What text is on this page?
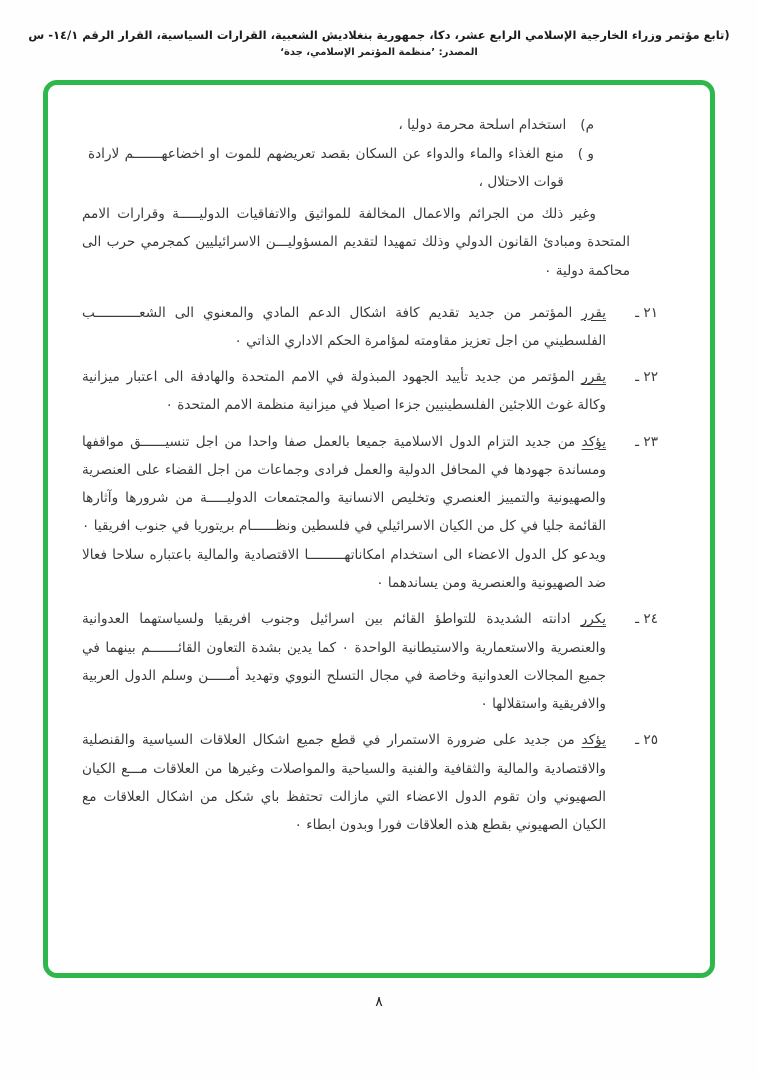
(تابع مؤتمر وزراء الخارجية الإسلامي الرابع عشر، دكا، جمهورية بنغلاديش الشعبية، القرارات السياسية، القرار الرقم ١٤/١- س
المصدر: ’منظمة المؤتمر الإسلامي، جدة‘
م)
استخدام اسلحة محرمة دوليا ،
و )
منع الغذاء والماء والدواء عن السكان بقصد تعريضهم للموت او اخضاعهـــــــم لارادة قوات الاحتلال ،

وغير ذلك من الجرائم والاعمال المخالفة للمواثيق والاتفاقيات الدوليـــــة وقرارات الامم المتحدة ومبادئ القانون الدولي وذلك تمهيدا لتقديم المسؤوليـــن الاسرائيليين كمجرمي حرب الى محاكمة دولية ٠

٢١ ـ
يقرر المؤتمر من جديد تقديم كافة اشكال الدعم المادي والمعنوي الى الشعـــــــــــب الفلسطيني من اجل تعزيز مقاومته لمؤامرة الحكم الاداري الذاتي ٠
٢٢ ـ
يقرر المؤتمر من جديد تأييد الجهود المبذولة في الامم المتحدة والهادفة الى اعتبار ميزانية وكالة غوث اللاجئين الفلسطينيين جزءا اصيلا في ميزانية منظمة الامم المتحدة ٠
٢٣ ـ
يؤكد من جديد التزام الدول الاسلامية جميعا بالعمل صفا واحدا من اجل تنسيــــــق مواقفها ومساندة جهودها في المحافل الدولية والعمل فرادى وجماعات من اجل القضاء على العنصرية والصهيونية والتمييز العنصري وتخليص الانسانية والمجتمعات الدوليـــــة من شرورها وآثارها القائمة جليا في كل من الكيان الاسرائيلي في فلسطين ونظــــــام بريتوريا في جنوب افريقيا ٠ ويدعو كل الدول الاعضاء الى استخدام امكاناتهـــــــــا الاقتصادية والمالية باعتباره سلاحا فعالا ضد الصهيونية والعنصرية ومن يساندهما ٠
٢٤ ـ
يكرر ادانته الشديدة للتواطؤ القائم بين اسرائيل وجنوب افريقيا ولسياستهما العدوانية والعنصرية والاستعمارية والاستيطانية الواحدة ٠ كما يدين بشدة التعاون القائـــــــم بينهما في جميع المجالات العدوانية وخاصة في مجال التسلح النووي وتهديد أمـــــن وسلم الدول العربية والافريقية واستقلالها ٠
٢٥ ـ
يؤكد من جديد على ضرورة الاستمرار في قطع جميع اشكال العلاقات السياسية والقنصلية والاقتصادية والمالية والثقافية والفنية والسياحية والمواصلات وغيرها من العلاقات مـــع الكيان الصهيوني وان تقوم الدول الاعضاء التي مازالت تحتفظ باي شكل من اشكال العلاقات مع الكيان الصهيوني بقطع هذه العلاقات فورا وبدون ابطاء ٠
٨
